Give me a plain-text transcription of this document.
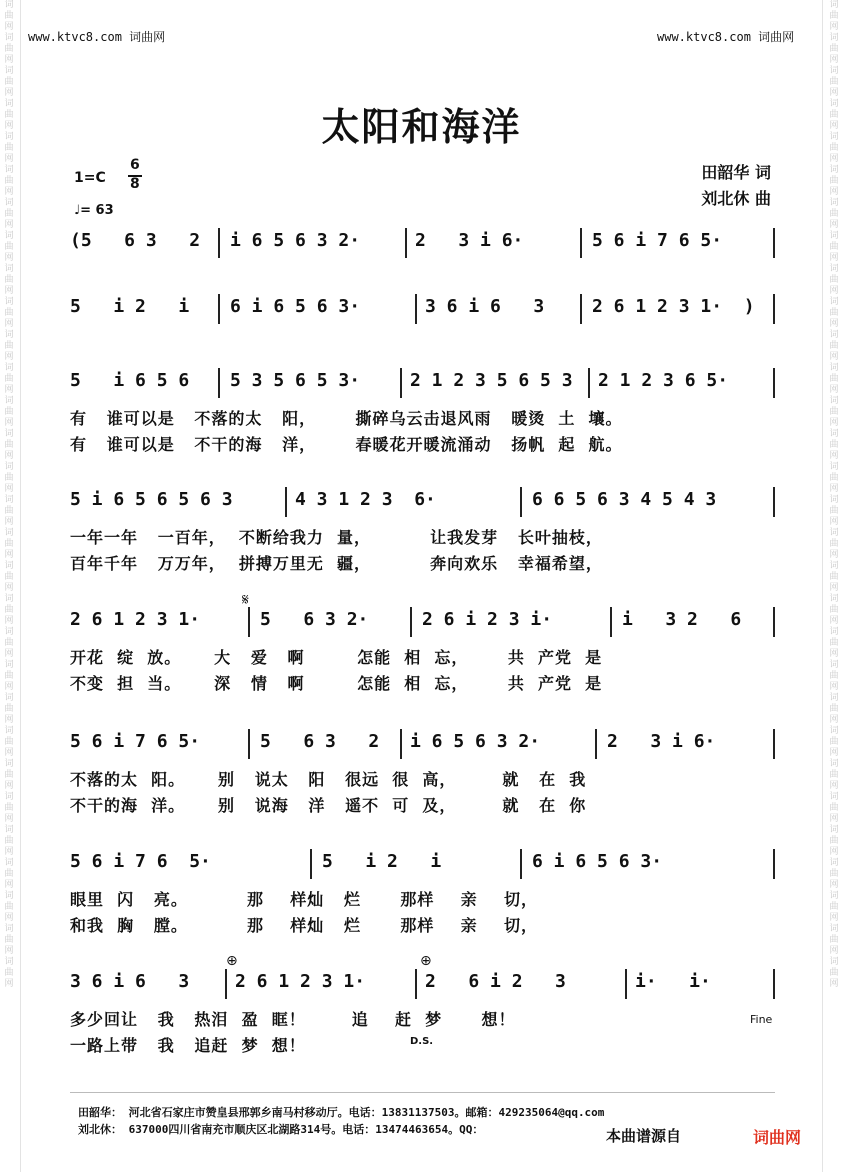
词曲网词曲网词曲网词曲网词曲网词曲网词曲网词曲网词曲网词曲网词曲网词曲网词曲网词曲网词曲网词曲网词曲网词曲网词曲网词曲网词曲网词曲网词曲网词曲网词曲网词曲网词曲网词曲网词曲网词曲网
词曲网词曲网词曲网词曲网词曲网词曲网词曲网词曲网词曲网词曲网词曲网词曲网词曲网词曲网词曲网词曲网词曲网词曲网词曲网词曲网词曲网词曲网词曲网词曲网词曲网词曲网词曲网词曲网词曲网词曲网
www.ktvc8.com 词曲网	www.ktvc8.com 词曲网
太阳和海洋
1=C
6
8
♩= 63
田韶华 词
刘北休 曲
(5   6 3   2 i 6 5 6 3 2·	2   3 i 6·	5 6 i 7 6 5·
5   i 2   i 6 i 6 5 6 3·	3 6 i 6   3	2 6 1 2 3 1·  )
5   i 6 5 6 5 3 5 6 5 3·	2 1 2 3 5 6 5 3 2 1 2 3 6 5·
有   谁可以是   不落的太   阳，      撕碎乌云击退风雨   暖烫  土  壤。
有   谁可以是   不干的海   洋，      春暖花开暖流涌动   扬帆  起  航。
5 i 6 5 6 5 6 3	4 3 1 2 3  6·	6 6 5 6 3 4 5 4 3
一年一年   一百年，  不断给我力  量，         让我发芽   长叶抽枝，
百年千年   万万年，  拼搏万里无  疆，         奔向欢乐   幸福希望，
2 6 1 2 3 1·	5   6 3 2·	2 6 i 2 3 i·	i   3 2   6
开花  绽  放。     大   爱   啊        怎能  相  忘，      共  产党  是
不变  担  当。     深   情   啊        怎能  相  忘，      共  产党  是
5 6 i 7 6 5·	5   6 3   2 i 6 5 6 3 2·	2   3 i 6·
不落的太  阳。     别   说太   阳   很远  很  高，       就   在  我
不干的海  洋。     别   说海   洋   遥不  可  及，       就   在  你
5 6 i 7 6  5·	5   i 2   i	6 i 6 5 6 3·
眼里  闪   亮。         那    样灿   烂      那样    亲    切，
和我  胸   膛。         那    样灿   烂      那样    亲    切，
3 6 i 6   3	2 6 1 2 3 1·	2   6 i 2   3	i·   i·
多少回让   我   热泪  盈  眶！       追    赶  梦      想！
一路上带   我   追赶  梦  想！
𝄋
⊕	⊕
Fine
D.S.
田韶华： 河北省石家庄市赞皇县邢郭乡南马村移动厅。电话：13831137503。邮箱：429235064@qq.com
刘北休： 637000四川省南充市顺庆区北湖路314号。电话：13474463654。QQ：	本曲谱源自	词曲网
